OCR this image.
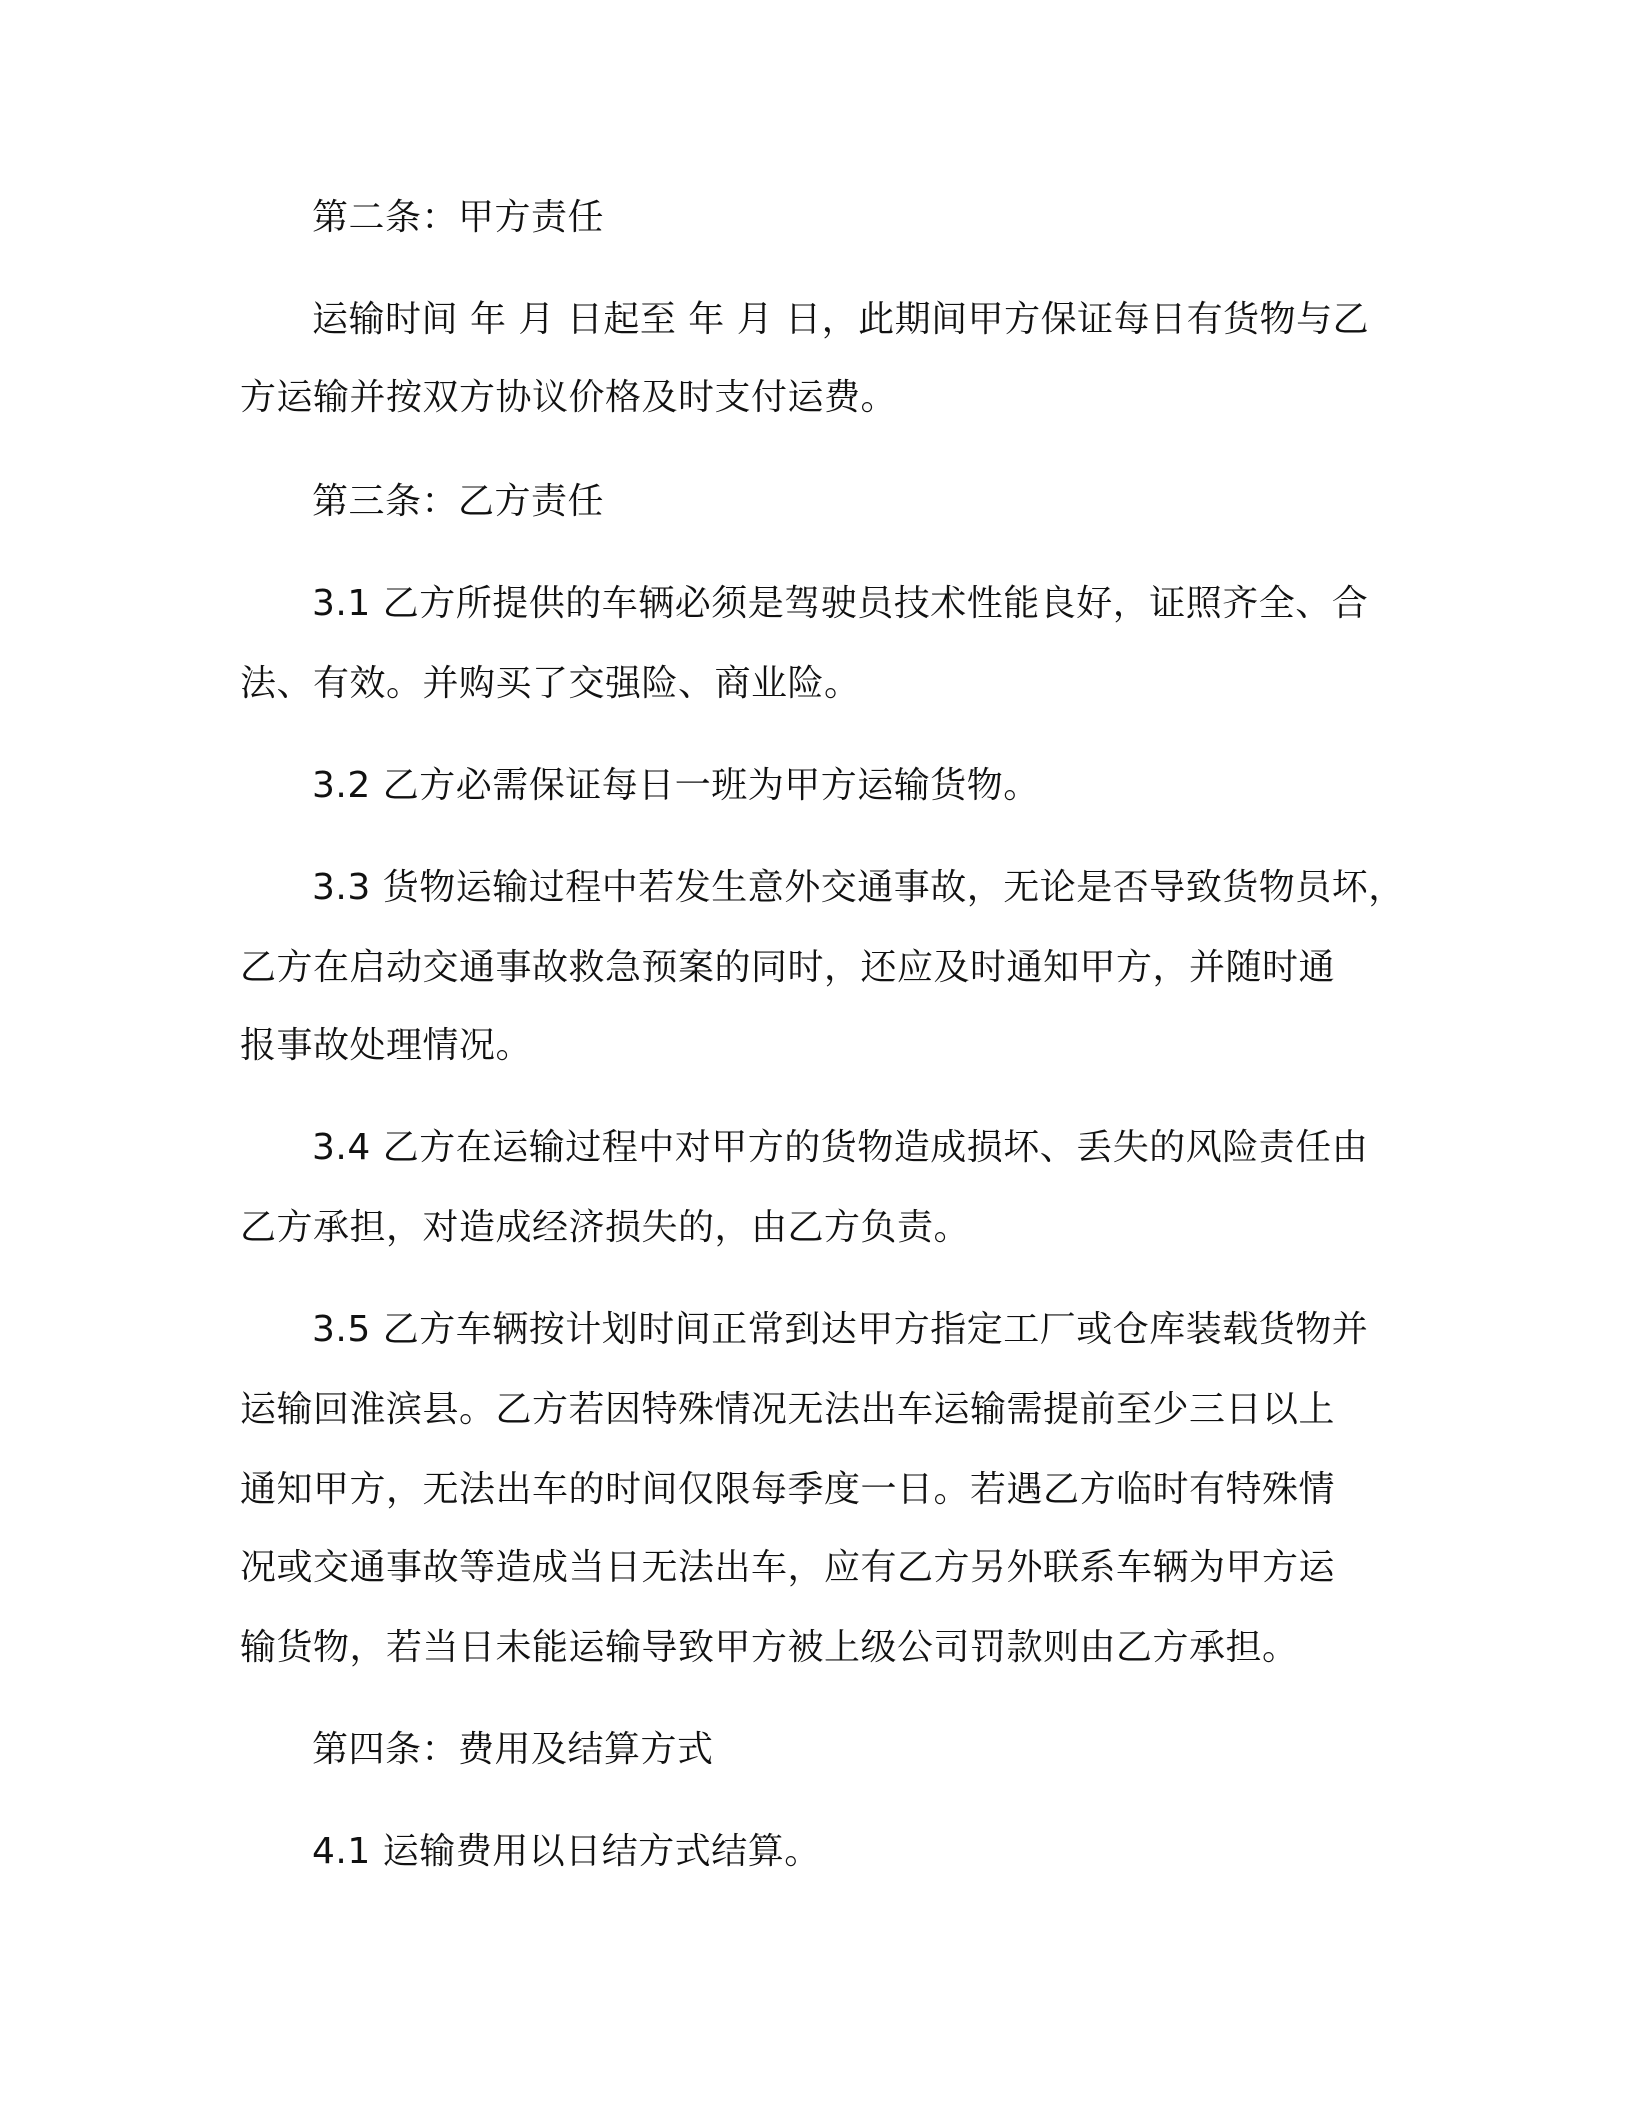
第二条：甲方责任
运输时间 年 月 日起至 年 月 日，此期间甲方保证每日有货物与乙
方运输并按双方协议价格及时支付运费。
第三条：乙方责任
3.1 乙方所提供的车辆必须是驾驶员技术性能良好，证照齐全、合
法、有效。并购买了交强险、商业险。
3.2 乙方必需保证每日一班为甲方运输货物。
3.3 货物运输过程中若发生意外交通事故，无论是否导致货物员坏，
乙方在启动交通事故救急预案的同时，还应及时通知甲方，并随时通
报事故处理情况。
3.4 乙方在运输过程中对甲方的货物造成损坏、丢失的风险责任由
乙方承担，对造成经济损失的，由乙方负责。
3.5 乙方车辆按计划时间正常到达甲方指定工厂或仓库装载货物并
运输回淮滨县。乙方若因特殊情况无法出车运输需提前至少三日以上
通知甲方，无法出车的时间仅限每季度一日。若遇乙方临时有特殊情
况或交通事故等造成当日无法出车，应有乙方另外联系车辆为甲方运
输货物，若当日未能运输导致甲方被上级公司罚款则由乙方承担。
第四条：费用及结算方式
4.1 运输费用以日结方式结算。
